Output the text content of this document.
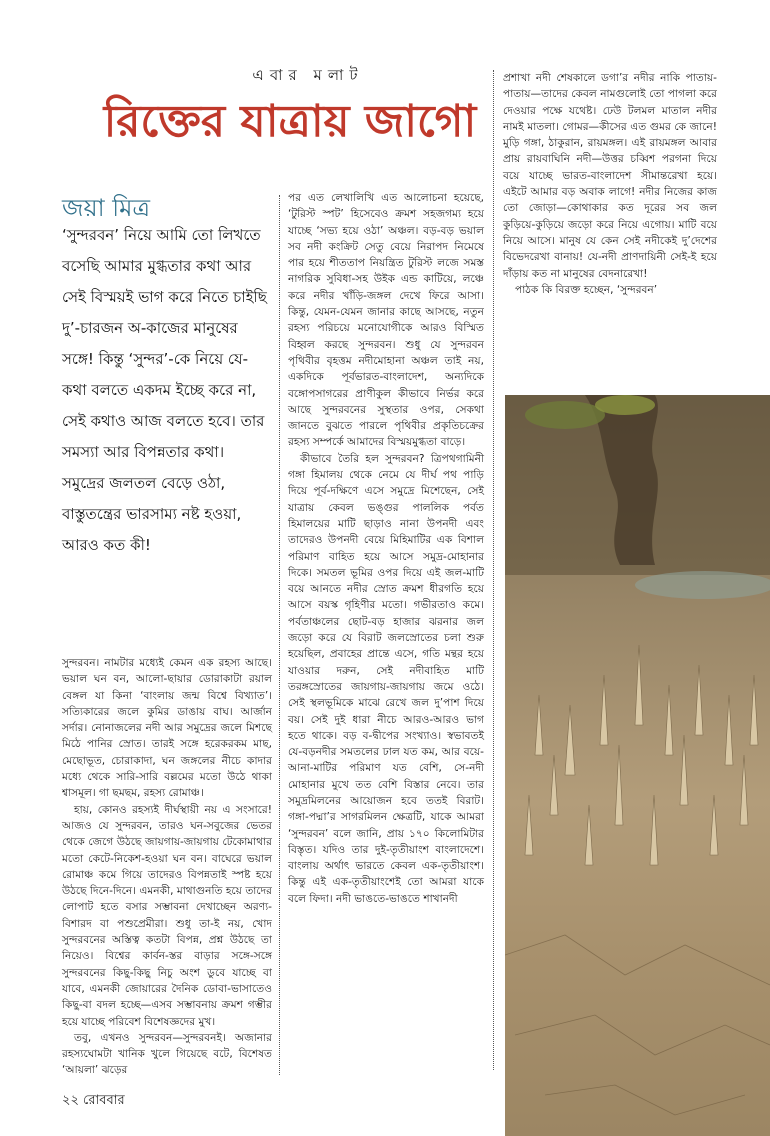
এবার মলাট
রিক্তের যাত্রায় জাগো
জয়া মিত্র

‘সুন্দরবন’ নিয়ে আমি তো লিখতে বসেছি আমার মুগ্ধতার কথা আর সেই বিস্ময়ই ভাগ করে নিতে চাইছি দু’-চারজন অ-কাজের মানুষের সঙ্গে! কিন্তু ‘সুন্দর’-কে নিয়ে যে-কথা বলতে একদম ইচ্ছে করে না, সেই কথাও আজ বলতে হবে। তার সমস্যা আর বিপন্নতার কথা। সমুদ্রের জলতল বেড়ে ওঠা, বাস্তুতন্ত্রের ভারসাম্য নষ্ট হওয়া, আরও কত কী!

সুন্দরবন। নামটার মধ্যেই কেমন এক রহস্য আছে। ভয়াল ঘন বন, আলো-ছায়ার ডোরাকাটা রয়াল বেঙ্গল যা কিনা ‘বাংলায় জন্ম বিশ্বে বিখ্যাত’। সত্যিকারের জলে কুমির ডাঙায় বাঘ। আর্জান সর্দার। নোনাজলের নদী আর সমুদ্রের জলে মিশছে মিঠে পানির স্রোত। তারই সঙ্গে হরেকরকম মাছ, মেছোভূত, চোরাকাদা, ঘন জঙ্গলের নীচে কাদার মধ্যে থেকে সারি-সারি বল্লমের মতো উঠে থাকা শ্বাসমূল। গা ছমছম, রহস্য রোমাঞ্চ।

হায়, কোনও রহস্যই দীর্ঘস্থায়ী নয় এ সংসারে! আজও যে সুন্দরবন, তারও ঘন-সবুজের ভেতর থেকে জেগে উঠছে জায়গায়-জায়গায় টেকোমাথার মতো কেটে-নিকেশ-হওয়া ঘন বন। বাঘেরে ভয়াল রোমাঞ্চ কমে গিয়ে তাদেরও বিপন্নতাই স্পষ্ট হয়ে উঠছে দিনে-দিনে। এমনকী, মাথাগুনতি হয়ে তাদের লোপাট হতে বসার সম্ভাবনা দেখাচ্ছেন অরণ্য-বিশারদ বা পশুপ্রেমীরা। শুধু তা-ই নয়, খোদ সুন্দরবনের অস্তিত্ব কতটা বিপন্ন, প্রশ্ন উঠছে তা নিয়েও। বিশ্বের কার্বন-স্তর বাড়ার সঙ্গে-সঙ্গে সুন্দরবনের কিছু-কিছু নিচু অংশ ডুবে যাচ্ছে বা যাবে, এমনকী জোয়ারের দৈনিক ডোবা-ভাসাতেও কিছু-বা বদল হচ্ছে—এসব সম্ভাবনায় ক্রমশ গম্ভীর হয়ে যাচ্ছে পরিবেশ বিশেষজ্ঞদের মুখ।

তবু, এখনও সুন্দরবন—সুন্দরবনই। অজানার রহস্যঘোমটা খানিক খুলে গিয়েছে বটে, বিশেষত ‘আয়লা’ ঝড়ের

পর এত লেখালিখি এত আলোচনা হয়েছে, ‘টুরিস্ট স্পট’ হিসেবেও ক্রমশ সহজগম্য হয়ে যাচ্ছে ‘সভ্য হয়ে ওঠা’ অঞ্চল। বড়-বড় ভয়াল সব নদী কংক্রিট সেতু বেয়ে নিরাপদ নিমেষে পার হয়ে শীততাপ নিয়ন্ত্রিত টুরিস্ট লজে সমস্ত নাগরিক সুবিধা-সহ উইক এন্ড কাটিয়ে, লঞ্চে করে নদীর খাঁড়ি-জঙ্গল দেখে ফিরে আসা। কিন্তু, যেমন-যেমন জানার কাছে আসছে, নতুন রহস্য পরিচয়ে মনোযোগীকে আরও বিস্মিত বিহ্বল করছে সুন্দরবন। শুধু যে সুন্দরবন পৃথিবীর বৃহত্তম নদীমোহানা অঞ্চল তাই নয়, একদিকে পূর্বভারত-বাংলাদেশ, অন্যদিকে বঙ্গোপসাগরের প্রাণীকুল কীভাবে নির্ভর করে আছে সুন্দরবনের সুস্থতার ওপর, সেকথা জানতে বুঝতে পারলে পৃথিবীর প্রকৃতিচক্রের রহস্য সম্পর্কে আমাদের বিস্ময়মুগ্ধতা বাড়ে।

কীভাবে তৈরি হল সুন্দরবন? ত্রিপথগামিনী গঙ্গা হিমালয় থেকে নেমে যে দীর্ঘ পথ পাড়ি দিয়ে পূর্ব-দক্ষিণে এসে সমুদ্রে মিশেছেন, সেই যাত্রায় কেবল ভঙ্গুর পাললিক পর্বত হিমালয়ের মাটি ছাড়াও নানা উপনদী এবং তাদেরও উপনদী বেয়ে মিহিমাটির এক বিশাল পরিমাণ বাহিত হয়ে আসে সমুদ্র-মোহানার দিকে। সমতল ভূমির ওপর দিয়ে এই জল-মাটি বয়ে আনতে নদীর স্রোত ক্রমশ ধীরগতি হয়ে আসে বয়স্ক গৃহিণীর মতো। গভীরতাও কমে। পর্বতাঞ্চলের ছোট-বড় হাজার ঝরনার জল জড়ো করে যে বিরাট জলস্রোতের চলা শুরু হয়েছিল, প্রবাহের প্রান্তে এসে, গতি মন্থর হয়ে যাওয়ার দরুন, সেই নদীবাহিত মাটি তরঙ্গস্রোতের জায়গায়-জায়গায় জমে ওঠে। সেই স্থলভূমিকে মাঝে রেখে জল দু’পাশ দিয়ে বয়। সেই দুই ধারা নীচে আরও-আরও ভাগ হতে থাকে। বড় ব-দ্বীপের সংখ্যাও। স্বভাবতই যে-বড়নদীর সমতলের ঢাল যত কম, আর বয়ে-আনা-মাটির পরিমাণ যত বেশি, সে-নদী মোহানার মুখে তত বেশি বিস্তার নেবে। তার সমুদ্রমিলনের আয়োজন হবে ততই বিরাট। গঙ্গা-পদ্মা’র সাগরমিলন ক্ষেত্রটি, যাকে আমরা ‘সুন্দরবন’ বলে জানি, প্রায় ১৭০ কিলোমিটার বিস্তৃত। যদিও তার দুই-তৃতীয়াংশ বাংলাদেশে। বাংলায় অর্থাৎ ভারতে কেবল এক-তৃতীয়াংশ। কিন্তু এই এক-তৃতীয়াংশেই তো আমরা যাকে বলে ফিদা। নদী ভাঙতে-ভাঙতে শাখানদী

প্রশাখা নদী শেষকালে ডগা’র নদীর নাকি পাতায়-পাতায়—তাদের কেবল নামগুলোই তো পাগলা করে দেওয়ার পক্ষে যথেষ্ট। ঢেউ টলমল মাতাল নদীর নামই মাতলা। গোমর—কীসের এত গুমর কে জানে! মুড়ি গঙ্গা, ঠাকুরান, রায়মঙ্গল। এই রায়মঙ্গল আবার প্রায় রায়বাঘিনি নদী—উত্তর চব্বিশ পরগনা দিয়ে বয়ে যাচ্ছে ভারত-বাংলাদেশ সীমান্তরেখা হয়ে। এইটে আমার বড় অবাক লাগে! নদীর নিজের কাজ তো জোড়া—কোথাকার কত দূরের সব জল কুড়িয়ে-কুড়িয়ে জড়ো করে নিয়ে এগোয়। মাটি বয়ে নিয়ে আসে। মানুষ যে কেন সেই নদীকেই দু’দেশের বিভেদরেখা বানায়! যে-নদী প্রাণদায়িনী সেই-ই হয়ে দাঁড়ায় কত না মানুষের বেদনারেখা!

পাঠক কি বিরক্ত হচ্ছেন, ‘সুন্দরবন’

২২ রোববার
